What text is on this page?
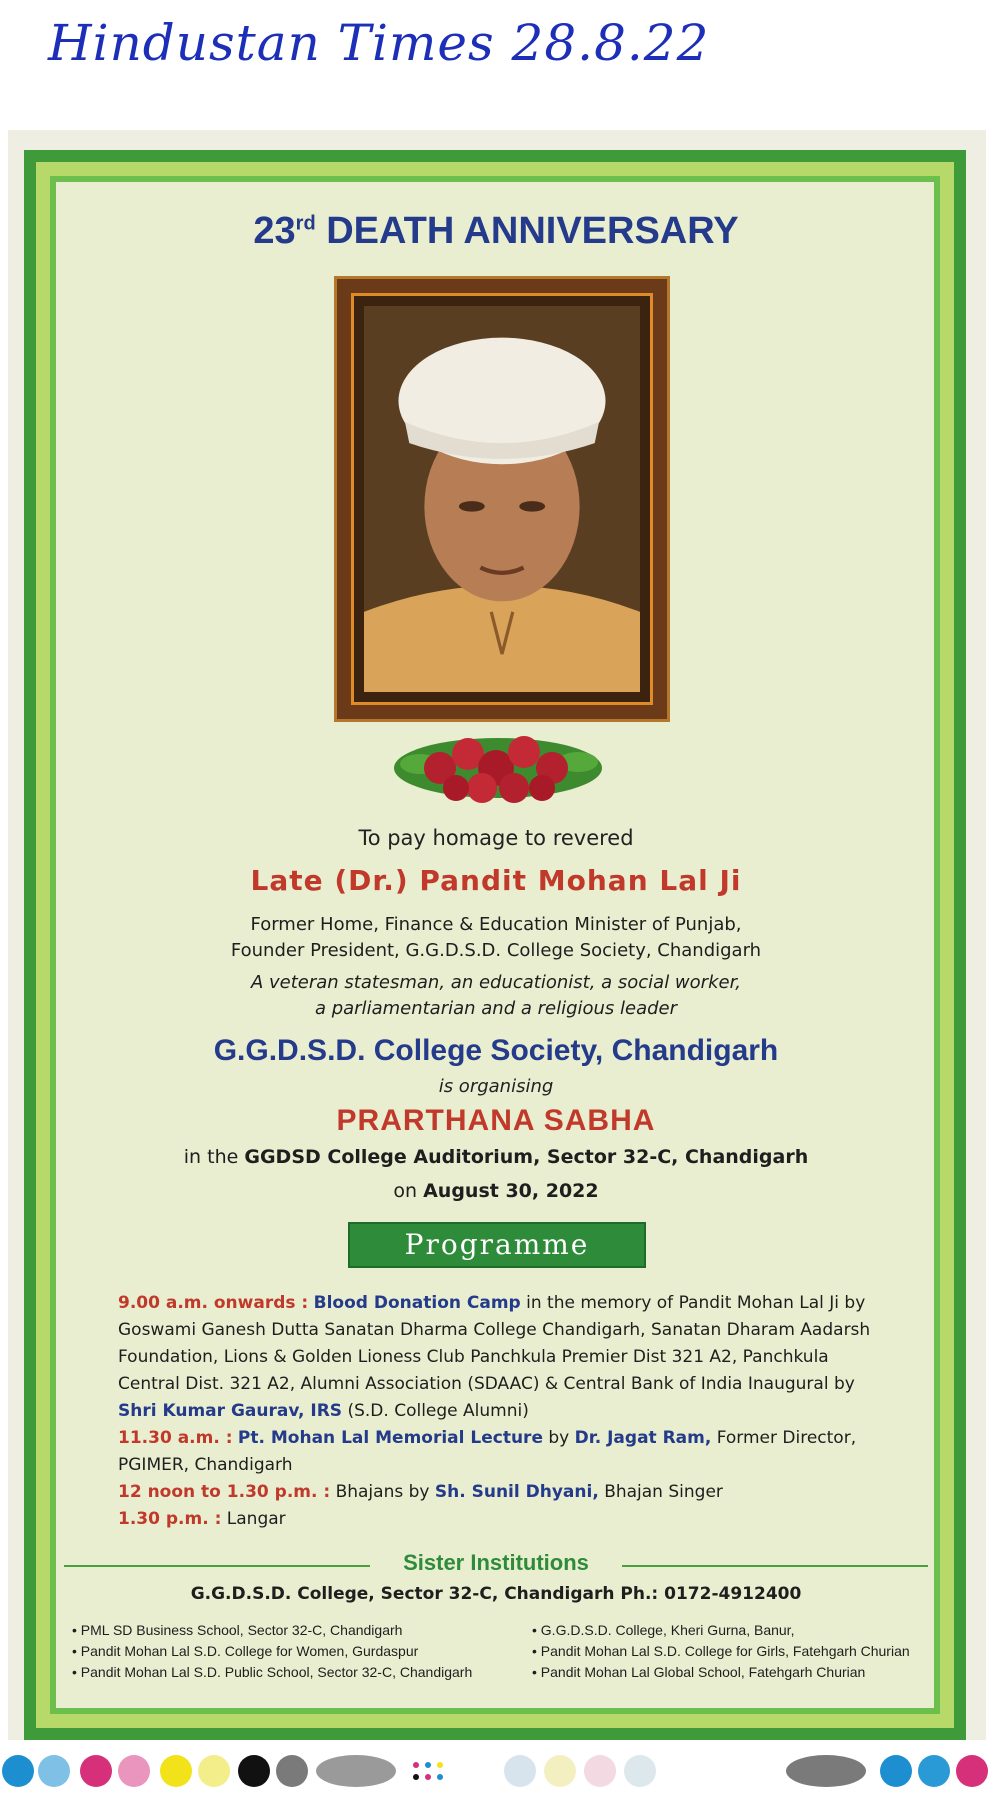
Hindustan Times 28.8.22
23rd DEATH ANNIVERSARY
To pay homage to revered
Late (Dr.) Pandit Mohan Lal Ji
Former Home, Finance & Education Minister of Punjab,
Founder President, G.G.D.S.D. College Society, Chandigarh
A veteran statesman, an educationist, a social worker,
a parliamentarian and a religious leader
G.G.D.S.D. College Society, Chandigarh
is organising
PRARTHANA SABHA
in the GGDSD College Auditorium, Sector 32-C, Chandigarh
on August 30, 2022
Programme
9.00 a.m. onwards : Blood Donation Camp in the memory of Pandit Mohan Lal Ji by Goswami Ganesh Dutta Sanatan Dharma College Chandigarh, Sanatan Dharam Aadarsh Foundation, Lions & Golden Lioness Club Panchkula Premier Dist 321 A2, Panchkula Central Dist. 321 A2, Alumni Association (SDAAC) & Central Bank of India Inaugural by Shri Kumar Gaurav, IRS (S.D. College Alumni)
11.30 a.m. : Pt. Mohan Lal Memorial Lecture by Dr. Jagat Ram, Former Director, PGIMER, Chandigarh
12 noon to 1.30 p.m. : Bhajans by Sh. Sunil Dhyani, Bhajan Singer
1.30 p.m. : Langar
Sister Institutions
G.G.D.S.D. College, Sector 32-C, Chandigarh Ph.: 0172-4912400
• PML SD Business School, Sector 32-C, Chandigarh
• Pandit Mohan Lal S.D. College for Women, Gurdaspur
• Pandit Mohan Lal S.D. Public School, Sector 32-C, Chandigarh
• G.G.D.S.D. College, Kheri Gurna, Banur,
• Pandit Mohan Lal S.D. College for Girls, Fatehgarh Churian
• Pandit Mohan Lal Global School, Fatehgarh Churian
